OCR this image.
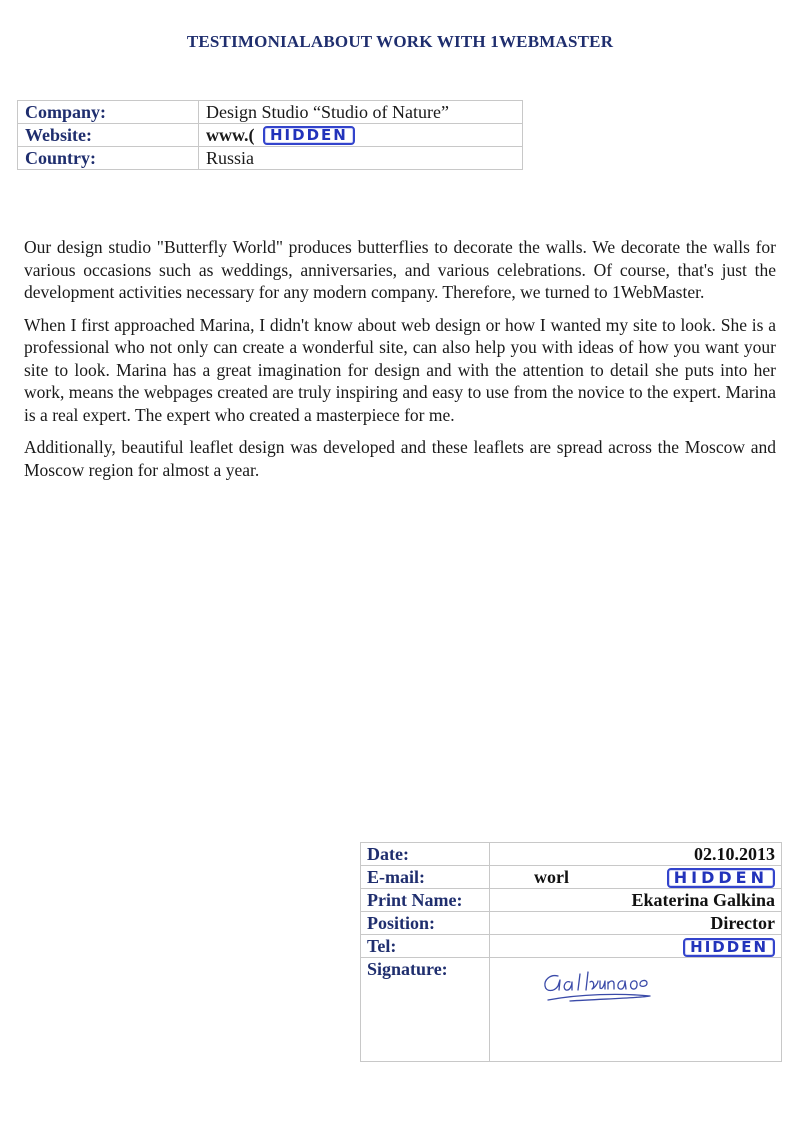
TESTIMONIALABOUT WORK WITH 1WEBMASTER
Company:	Design Studio “Studio of Nature”
Website:	www.( HIDDEN

Country:	Russia

Our design studio "Butterfly World" produces butterflies to decorate the walls. We decorate the walls for various occasions such as weddings, anniversaries, and various celebrations. Of course, that's just the development activities necessary for any modern company. Therefore, we turned to 1WebMaster.

When I first approached Marina, I didn't know about web design or how I wanted my site to look. She is a professional who not only can create a wonderful site, can also help you with ideas of how you want your site to look. Marina has a great imagination for design and with the attention to detail she puts into her work, means the webpages created are truly inspiring and easy to use from the novice to the expert. Marina is a real expert. The expert who created a masterpiece for me.

Additionally, beautiful leaflet design was developed and these leaflets are spread across the Moscow and Moscow region for almost a year.

Date:	02.10.2013
E-mail:	worl HIDDEN

Print Name:	Ekaterina Galkina
Position:	Director
Tel:	HIDDEN
Signature:	
